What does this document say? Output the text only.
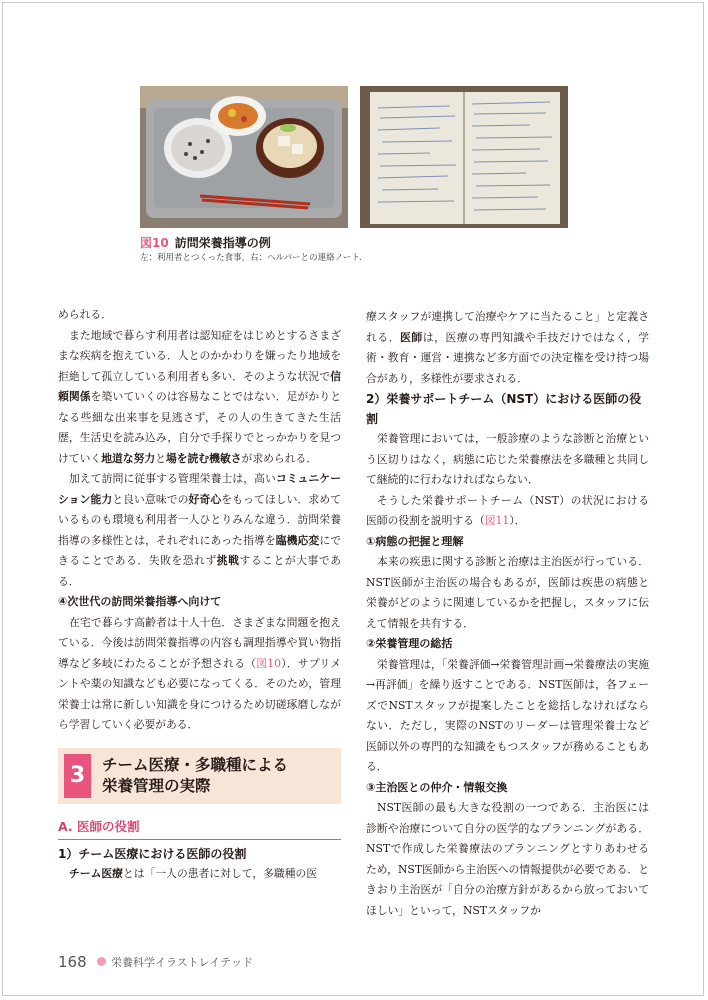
図10 訪問栄養指導の例
左：利用者とつくった食事，右：ヘルパーとの連絡ノート．

められる．

また地域で暮らす利用者は認知症をはじめとするさまざまな疾病を抱えている．人とのかかわりを嫌ったり地域を拒絶して孤立している利用者も多い．そのような状況で信頼関係を築いていくのは容易なことではない．足がかりとなる些細な出来事を見逃さず，その人の生きてきた生活歴，生活史を読み込み，自分で手探りでとっかかりを見つけていく地道な努力と場を読む機敏さが求められる．

加えて訪問に従事する管理栄養士は，高いコミュニケーション能力と良い意味での好奇心をもってほしい．求めているものも環境も利用者一人ひとりみんな違う．訪問栄養指導の多様性とは，それぞれにあった指導を臨機応変にできることである．失敗を恐れず挑戦することが大事である．

④次世代の訪問栄養指導へ向けて

在宅で暮らす高齢者は十人十色．さまざまな問題を抱えている．今後は訪問栄養指導の内容も調理指導や買い物指導など多岐にわたることが予想される（図10）．サプリメントや薬の知識なども必要になってくる．そのため，管理栄養士は常に新しい知識を身につけるため切磋琢磨しながら学習していく必要がある．

3	チーム医療・多職種による
栄養管理の実際
A. 医師の役割

1）チーム医療における医師の役割

チーム医療とは「一人の患者に対して，多職種の医

療スタッフが連携して治療やケアに当たること」と定義される．医師は，医療の専門知識や手技だけではなく，学術・教育・運営・連携など多方面での決定権を受け持つ場合があり，多様性が要求される．

2）栄養サポートチーム（NST）における医師の役割

栄養管理においては，一般診療のような診断と治療という区切りはなく，病態に応じた栄養療法を多職種と共同して継続的に行わなければならない．

そうした栄養サポートチーム（NST）の状況における医師の役割を説明する（図11）．

①病態の把握と理解

本来の疾患に関する診断と治療は主治医が行っている．NST医師が主治医の場合もあるが，医師は疾患の病態と栄養がどのように関連しているかを把握し，スタッフに伝えて情報を共有する．

②栄養管理の総括

栄養管理は，「栄養評価→栄養管理計画→栄養療法の実施→再評価」を繰り返すことである．NST医師は，各フェーズでNSTスタッフが提案したことを総括しなければならない．ただし，実際のNSTのリーダーは管理栄養士など医師以外の専門的な知識をもつスタッフが務めることもある．

③主治医との仲介・情報交換

NST医師の最も大きな役割の一つである．主治医には診断や治療について自分の医学的なプランニングがある．NSTで作成した栄養療法のプランニングとすりあわせるため，NST医師から主治医への情報提供が必要である．ときおり主治医が「自分の治療方針があるから放っておいてほしい」といって，NSTスタッフか

168 栄養科学イラストレイテッド
